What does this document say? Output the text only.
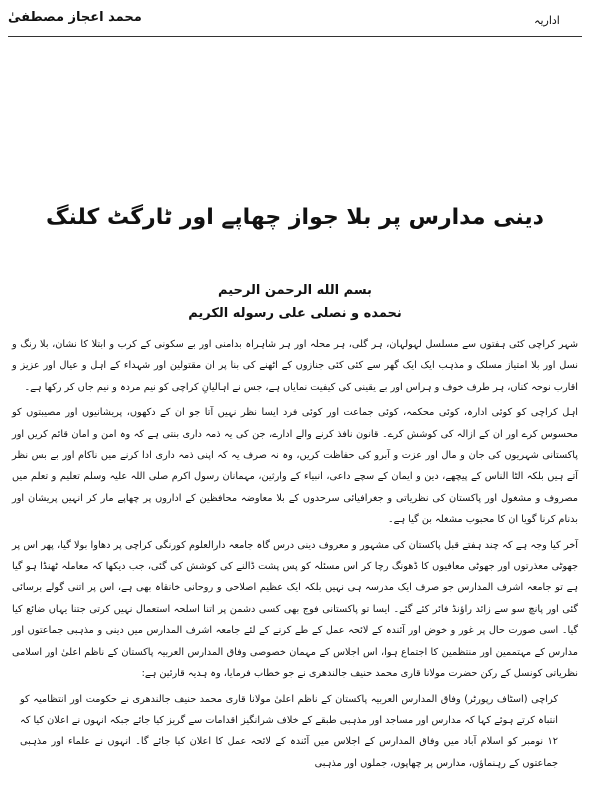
اداریہ
محمد اعجاز مصطفیٰ
دینی مدارس پر بلا جواز چھاپے اور ٹارگٹ کلنگ
بسم الله الرحمن الرحيم
نحمده و نصلی علی رسوله الکریم

شہر کراچی کئی ہفتوں سے مسلسل لہولہان، ہر گلی، ہر محلہ اور ہر شاہراہ بدامنی اور بے سکونی کے کرب و ابتلا کا نشان، بلا رنگ و نسل اور بلا امتیاز مسلک و مذہب ایک ایک گھر سے کئی کئی جنازوں کے اٹھنے کی بنا پر ان مقتولین اور شہداء کے اہل و عیال اور عزیز و اقارب نوحہ کناں، ہر طرف خوف و ہراس اور بے یقینی کی کیفیت نمایاں ہے، جس نے اہالیانِ کراچی کو نیم مردہ و نیم جاں کر رکھا ہے۔

اہل کراچی کو کوئی ادارہ، کوئی محکمہ، کوئی جماعت اور کوئی فرد ایسا نظر نہیں آتا جو ان کے دکھوں، پریشانیوں اور مصیبتوں کو محسوس کرے اور ان کے ازالہ کی کوشش کرے۔ قانون نافذ کرنے والے ادارے، جن کی یہ ذمہ داری بنتی ہے کہ وہ امن و امان قائم کریں اور پاکستانی شہریوں کی جان و مال اور عزت و آبرو کی حفاظت کریں، وہ نہ صرف یہ کہ اپنی ذمہ داری ادا کرنے میں ناکام اور بے بس نظر آتے ہیں بلکہ الٹا الناس کے پیچھے، دین و ایمان کے سچے داعی، انبیاء کے وارثین، مہمانان رسول اکرم صلی اللہ علیہ وسلم تعلیم و تعلم میں مصروف و مشغول اور پاکستان کی نظریاتی و جغرافیائی سرحدوں کے بلا معاوضہ محافظین کے اداروں پر چھاپے مار کر انہیں پریشان اور بدنام کرنا گویا ان کا محبوب مشغلہ بن گیا ہے۔

آخر کیا وجہ ہے کہ چند ہفتے قبل پاکستان کی مشہور و معروف دینی درس گاہ جامعہ دارالعلوم کورنگی کراچی پر دھاوا بولا گیا، پھر اس پر جھوٹی معذرتوں اور جھوٹی معافیوں کا ڈھونگ رچا کر اس مسئلہ کو پس پشت ڈالنے کی کوشش کی گئی، جب دیکھا کہ معاملہ ٹھنڈا ہو گیا ہے تو جامعہ اشرف المدارس جو صرف ایک مدرسہ ہی نہیں بلکہ ایک عظیم اصلاحی و روحانی خانقاہ بھی ہے، اس پر اتنی گولے برسائی گئی اور پانچ سو سے زائد راؤنڈ فائر کئے گئے۔ ایسا تو پاکستانی فوج بھی کسی دشمن پر اتنا اسلحہ استعمال نہیں کرتی جتنا یہاں ضائع کیا گیا۔ اسی صورت حال پر غور و خوض اور آئندہ کے لائحہ عمل کے طے کرنے کے لئے جامعہ اشرف المدارس میں دینی و مذہبی جماعتوں اور مدارس کے مہتممین اور منتظمین کا اجتماع ہوا، اس اجلاس کے مہمان خصوصی وفاق المدارس العربیہ پاکستان کے ناظم اعلیٰ اور اسلامی نظریاتی کونسل کے رکن حضرت مولانا قاری محمد حنیف جالندھری نے جو خطاب فرمایا، وہ ہدیہ قارئین ہے:

کراچی (اسٹاف رپورٹر) وفاق المدارس العربیہ پاکستان کے ناظم اعلیٰ مولانا قاری محمد حنیف جالندھری نے حکومت اور انتظامیہ کو انتباہ کرتے ہوئے کہا کہ مدارس اور مساجد اور مذہبی طبقے کے خلاف شرانگیز اقدامات سے گریز کیا جائے جبکہ انہوں نے اعلان کیا کہ ۱۲ نومبر کو اسلام آباد میں وفاق المدارس کے اجلاس میں آئندہ کے لائحہ عمل کا اعلان کیا جائے گا۔ انہوں نے علماء اور مذہبی جماعتوں کے رہنماؤں، مدارس پر چھاپوں، جملوں اور مذہبی
